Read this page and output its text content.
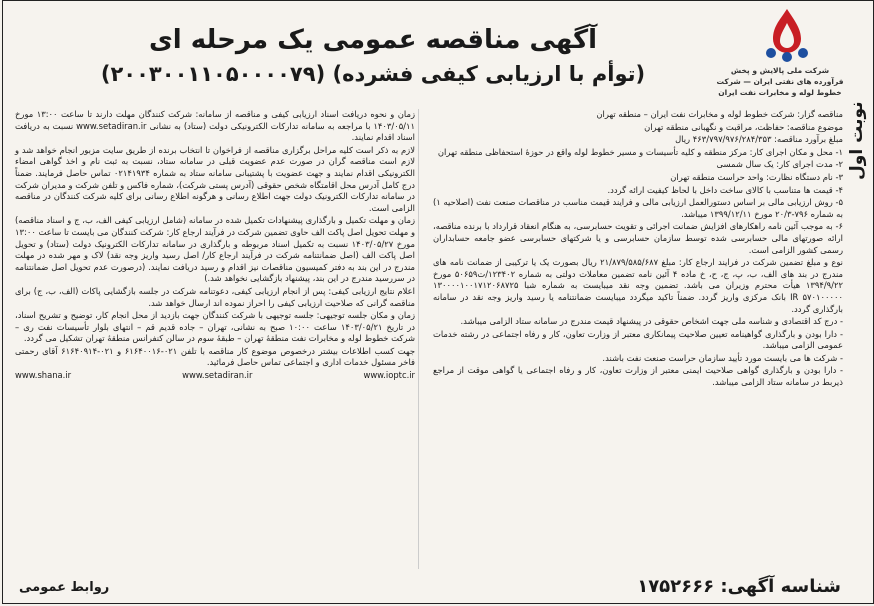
نوبت اول
شرکت ملی پالایش و پخش فرآورده های نفتی ایران — شرکت خطوط لوله و مخابرات نفت ایران
آگهی مناقصه عمومی یک مرحله ای
(توأم با ارزیابی کیفی فشرده) (۲۰۰۳۰۰۱۱۰۵۰۰۰۰۷۹)

مناقصه گزار: شرکت خطوط لوله و مخابرات نفت ایران – منطقه تهران

موضوع مناقصه: حفاظت، مراقبت و نگهبانی منطقه تهران

مبلغ برآورد مناقصه: ۴۶۳/۷۹۷/۹۷۶/۲۸۴/۳۵۳ ریال

۱- محل و مکان اجرای کار: مرکز منطقه و کلیه تأسیسات و مسیر خطوط لوله واقع در حوزهٔ استحفاظی منطقه تهران

۲- مدت اجرای کار: یک سال شمسی

۳- نام دستگاه نظارت: واحد حراست منطقه تهران

۴- قیمت ها متناسب با کالای ساخت داخل با لحاظ کیفیت ارائه گردد.

۵- روش ارزیابی مالی بر اساس دستورالعمل ارزیابی مالی و فرایند قیمت مناسب در مناقصات صنعت نفت (اصلاحیه ۱) به شماره ۷۹۶-۲۰/۳ مورخ ۱۳۹۹/۱۲/۱۱ میباشد.

۶- به موجب آئین نامه راهکارهای افزایش ضمانت اجرائی و تقویت حسابرسی، به هنگام انعقاد قرارداد با برنده مناقصه، ارائه صورتهای مالی حسابرسی شده توسط سازمان حسابرسی و یا شرکتهای حسابرسی عضو جامعه حسابداران رسمی کشور الزامی است.

نوع و مبلغ تضمین شرکت در فرایند ارجاع کار: مبلغ ۲۱/۸۷۹/۵۸۵/۶۸۷ ریال بصورت یک یا ترکیبی از ضمانت نامه های مندرج در بند های الف، ب، پ، ج، ح، خ ماده ۴ آئین نامه تضمین معاملات دولتی به شماره ۱۲۳۴۰۲/ت۵۰۶۵۹ مورخ ۱۳۹۴/۹/۲۲ هیأت محترم وزیران می باشد. تضمین وجه نقد میبایست به شماره شبا ۱۳۰۰۰۰۱۰۰۱۷۱۲۰۶۸۷۲۵ ۵۷۰۱۰۰۰۰۰ IR بانک مرکزی واریز گردد. ضمناً تاکید میگردد میبایست ضمانتنامه یا رسید واریز وجه نقد در سامانه بارگذاری گردد.

- درج کد اقتصادی و شناسه ملی جهت اشخاص حقوقی در پیشنهاد قیمت مندرج در سامانه ستاد الزامی میباشد.

- دارا بودن و بارگذاری گواهینامه تعیین صلاحیت پیمانکاری معتبر از وزارت تعاون، کار و رفاه اجتماعی در رشته خدمات عمومی الزامی میباشد.

- شرکت ها می بایست مورد تأیید سازمان حراست صنعت نفت باشند.

- دارا بودن و بارگذاری گواهی صلاحیت ایمنی معتبر از وزارت تعاون، کار و رفاه اجتماعی یا گواهی موقت از مراجع ذیربط در سامانه ستاد الزامی میباشد.

زمان و نحوه دریافت اسناد ارزیابی کیفی و مناقصه از سامانه: شرکت کنندگان مهلت دارند تا ساعت ۱۳:۰۰ مورخ ۱۴۰۳/۰۵/۱۱ با مراجعه به سامانه تدارکات الکترونیکی دولت (ستاد) به نشانی www.setadiran.ir نسبت به دریافت اسناد اقدام نمایند.

لازم به ذکر است کلیه مراحل برگزاری مناقصه از فراخوان تا انتخاب برنده از طریق سایت مزبور انجام خواهد شد و لازم است مناقصه گران در صورت عدم عضویت قبلی در سامانه ستاد، نسبت به ثبت نام و اخذ گواهی امضاء الکترونیکی اقدام نمایند و جهت عضویت با پشتیبانی سامانه ستاد به شماره ۰۲۱۴۱۹۳۴ تماس حاصل فرمایند. ضمناً درج کامل آدرس محل اقامتگاه شخص حقوقی (آدرس پستی شرکت)، شماره فاکس و تلفن شرکت و مدیران شرکت در سامانه تدارکات الکترونیک دولت جهت اطلاع رسانی و هرگونه اطلاع رسانی برای کلیه شرکت کنندگان در مناقصه الزامی است.

زمان و مهلت تکمیل و بارگذاری پیشنهادات تکمیل شده در سامانه (شامل ارزیابی کیفی الف، ب، ج و اسناد مناقصه) و مهلت تحویل اصل پاکت الف حاوی تضمین شرکت در فرآیند ارجاع کار: شرکت کنندگان می بایست تا ساعت ۱۳:۰۰ مورخ ۱۴۰۳/۰۵/۲۷ نسبت به تکمیل اسناد مربوطه و بارگذاری در سامانه تدارکات الکترونیک دولت (ستاد) و تحویل اصل پاکت الف (اصل ضمانتنامه شرکت در فرآیند ارجاع کار/ اصل رسید واریز وجه نقد) لاک و مهر شده در مهلت مندرج در این بند به دفتر کمیسیون مناقصات نیز اقدام و رسید دریافت نمایند. (درصورت عدم تحویل اصل ضمانتنامه در سررسید مندرج در این بند، پیشنهاد بازگشایی نخواهد شد.)

اعلام نتایج ارزیابی کیفی: پس از انجام ارزیابی کیفی، دعوتنامه شرکت در جلسه بازگشایی پاکات (الف، ب، ج) برای مناقصه گرانی که صلاحیت ارزیابی کیفی را احراز نموده اند ارسال خواهد شد.

زمان و مکان جلسه توجیهی: جلسه توجیهی با شرکت کنندگان جهت بازدید از محل انجام کار، توضیح و تشریح اسناد، در تاریخ ۱۴۰۳/۰۵/۲۱ ساعت ۱۰:۰۰ صبح به نشانی، تهران – جاده قدیم قم – انتهای بلوار تأسیسات نفت ری – شرکت خطوط لوله و مخابرات نفت منطقهٔ تهران – طبقهٔ سوم در سالن کنفرانس منطقهٔ تهران تشکیل می گردد.

جهت کسب اطلاعات بیشتر درخصوص موضوع کار مناقصه با تلفن ۰۲۱-۶۱۶۴۰۰۱۶ و ۰۲۱-۶۱۶۴۰۹۱۴ آقای رحمتی فاخر مسئول خدمات اداری و اجتماعی تماس حاصل فرمائید.

www.shana.ir	www.setadiran.ir	www.ioptc.ir
شناسه آگهی: ۱۷۵۲۶۶۶
روابط عمومی
